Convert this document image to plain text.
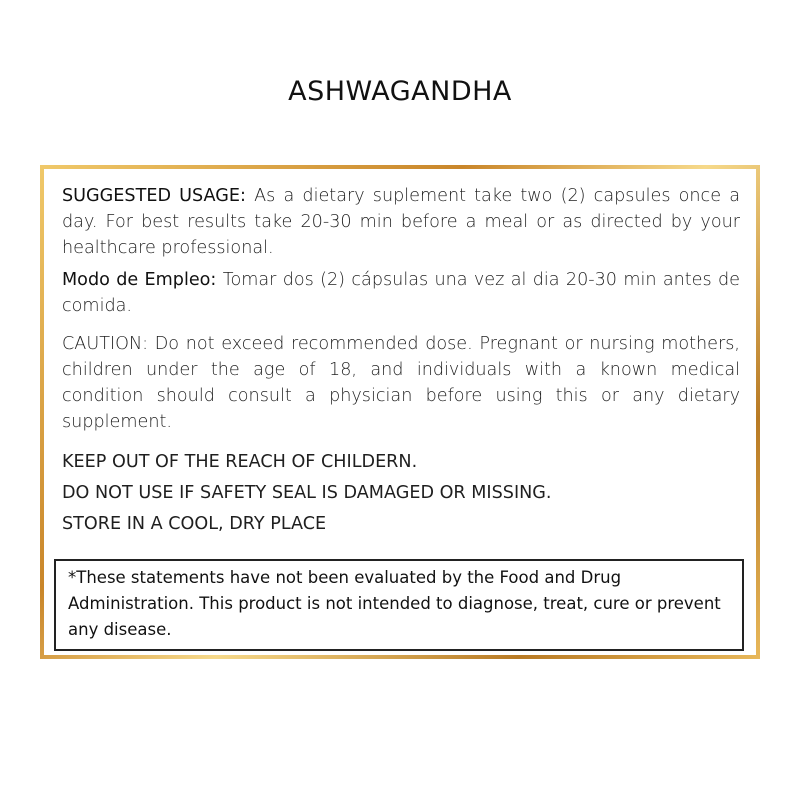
ASHWAGANDHA

SUGGESTED USAGE: As a dietary suplement take two (2) capsules once a day. For best results take 20-30 min before a meal or as directed by your healthcare professional.

Modo de Empleo: Tomar dos (2) cápsulas una vez al dia 20-30 min antes de comida.

CAUTION: Do not exceed recommended dose. Pregnant or nursing mothers, children under the age of 18, and individuals with a known medical condition should consult a physician before using this or any dietary supplement.

KEEP OUT OF THE REACH OF CHILDERN.

DO NOT USE IF SAFETY SEAL IS DAMAGED OR MISSING.

STORE IN A COOL, DRY PLACE

*These statements have not been evaluated by the Food and Drug Administration. This product is not intended to diagnose, treat, cure or prevent any disease.
